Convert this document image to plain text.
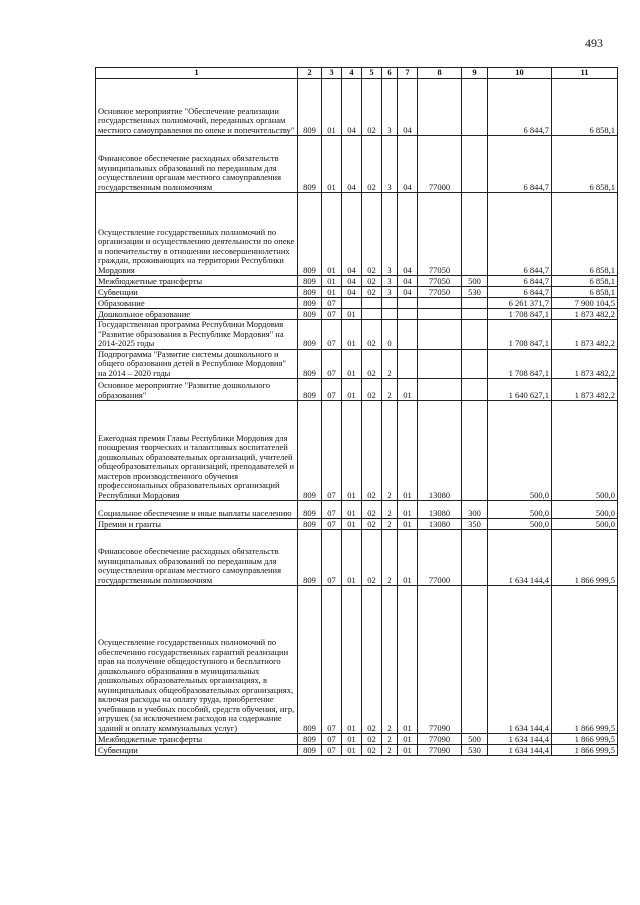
493
1	2	3	4	5	6	7	8	9	10	11
Основное мероприятие "Обеспечение реализации государственных полномочий, переданных органам местного самоуправления по опеке и попечительству"	809	01	04	02	3	04			6 844,7	6 858,1
Финансовое обеспечение расходных обязательств муниципальных образований по переданным для осуществления органам местного самоуправления государственным полномочиям	809	01	04	02	3	04	77000		6 844,7	6 858,1
Осуществление государственных полномочий по организации и осуществлению деятельности по опеке и попечительству в отношении несовершеннолетних граждан, проживающих на территории Республики Мордовия	809	01	04	02	3	04	77050		6 844,7	6 858,1
Межбюджетные трансферты	809	01	04	02	3	04	77050	500	6 844,7	6 858,1
Субвенции	809	01	04	02	3	04	77050	530	6 844,7	6 858,1
Образование	809	07							6 261 371,7	7 900 104,5
Дошкольное образование	809	07	01						1 708 847,1	1 873 482,2
Государственная программа Республики Мордовия "Развитие образования в Республике Мордовия" на 2014-2025 годы	809	07	01	02	0				1 708 847,1	1 873 482,2
Подпрограмма "Развитие системы дошкольного и общего образования детей в Республике Мордовия" на 2014 – 2020 годы	809	07	01	02	2				1 708 847,1	1 873 482,2
Основное мероприятие "Развитие дошкольного образования"	809	07	01	02	2	01			1 640 627,1	1 873 482,2
Ежегодная премия Главы Республики Мордовия для поощрения творческих и талантливых воспитателей дошкольных образовательных организаций, учителей общеобразовательных организаций, преподавателей и мастеров производственного обучения профессиональных образовательных организаций Республики Мордовия	809	07	01	02	2	01	13080		500,0	500,0
Социальное обеспечение и иные выплаты населению	809	07	01	02	2	01	13080	300	500,0	500,0
Премии и гранты	809	07	01	02	2	01	13080	350	500,0	500,0
Финансовое обеспечение расходных обязательств муниципальных образований по переданным для осуществления органам местного самоуправления государственным полномочиям	809	07	01	02	2	01	77000		1 634 144,4	1 866 999,5
Осуществление государственных полномочий по обеспечению государственных гарантий реализации прав на получение общедоступного и бесплатного дошкольного образования в муниципальных дошкольных образовательных организациях, в муниципальных общеобразовательных организациях, включая расходы на оплату труда, приобретение учебников и учебных пособий, средств обучения, игр, игрушек (за исключением расходов на содержание зданий и оплату коммунальных услуг)	809	07	01	02	2	01	77090		1 634 144,4	1 866 999,5
Межбюджетные трансферты	809	07	01	02	2	01	77090	500	1 634 144,4	1 866 999,5
Субвенции	809	07	01	02	2	01	77090	530	1 634 144,4	1 866 999,5
